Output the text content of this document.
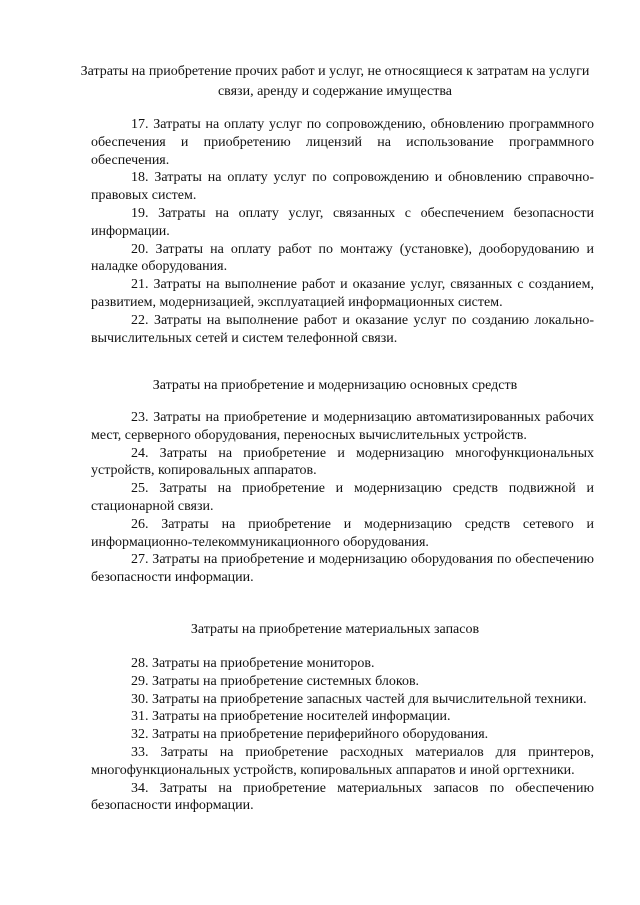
Затраты на приобретение прочих работ и услуг, не относящиеся к затратам на услуги связи, аренду и содержание имущества

17. Затраты на оплату услуг по сопровождению, обновлению программного обеспечения и приобретению лицензий на использование программного обеспечения.

18. Затраты на оплату услуг по сопровождению и обновлению справочно-правовых систем.

19. Затраты на оплату услуг, связанных с обеспечением безопасности информации.

20. Затраты на оплату работ по монтажу (установке), дооборудованию и наладке оборудования.

21. Затраты на выполнение работ и оказание услуг, связанных с созданием, развитием, модернизацией, эксплуатацией информационных систем.

22. Затраты на выполнение работ и оказание услуг по созданию локально-вычислительных сетей и систем телефонной связи.

Затраты на приобретение и модернизацию основных средств

23. Затраты на приобретение и модернизацию автоматизированных рабочих мест, серверного оборудования, переносных вычислительных устройств.

24. Затраты на приобретение и модернизацию многофункциональных устройств, копировальных аппаратов.

25. Затраты на приобретение и модернизацию средств подвижной и стационарной связи.

26. Затраты на приобретение и модернизацию средств сетевого и информационно-телекоммуникационного оборудования.

27. Затраты на приобретение и модернизацию оборудования по обеспечению безопасности информации.

Затраты на приобретение материальных запасов

28. Затраты на приобретение мониторов.

29. Затраты на приобретение системных блоков.

30. Затраты на приобретение запасных частей для вычислительной техники.

31. Затраты на приобретение носителей информации.

32. Затраты на приобретение периферийного оборудования.

33. Затраты на приобретение расходных материалов для принтеров, многофункциональных устройств, копировальных аппаратов и иной оргтехники.

34. Затраты на приобретение материальных запасов по обеспечению безопасности информации.
